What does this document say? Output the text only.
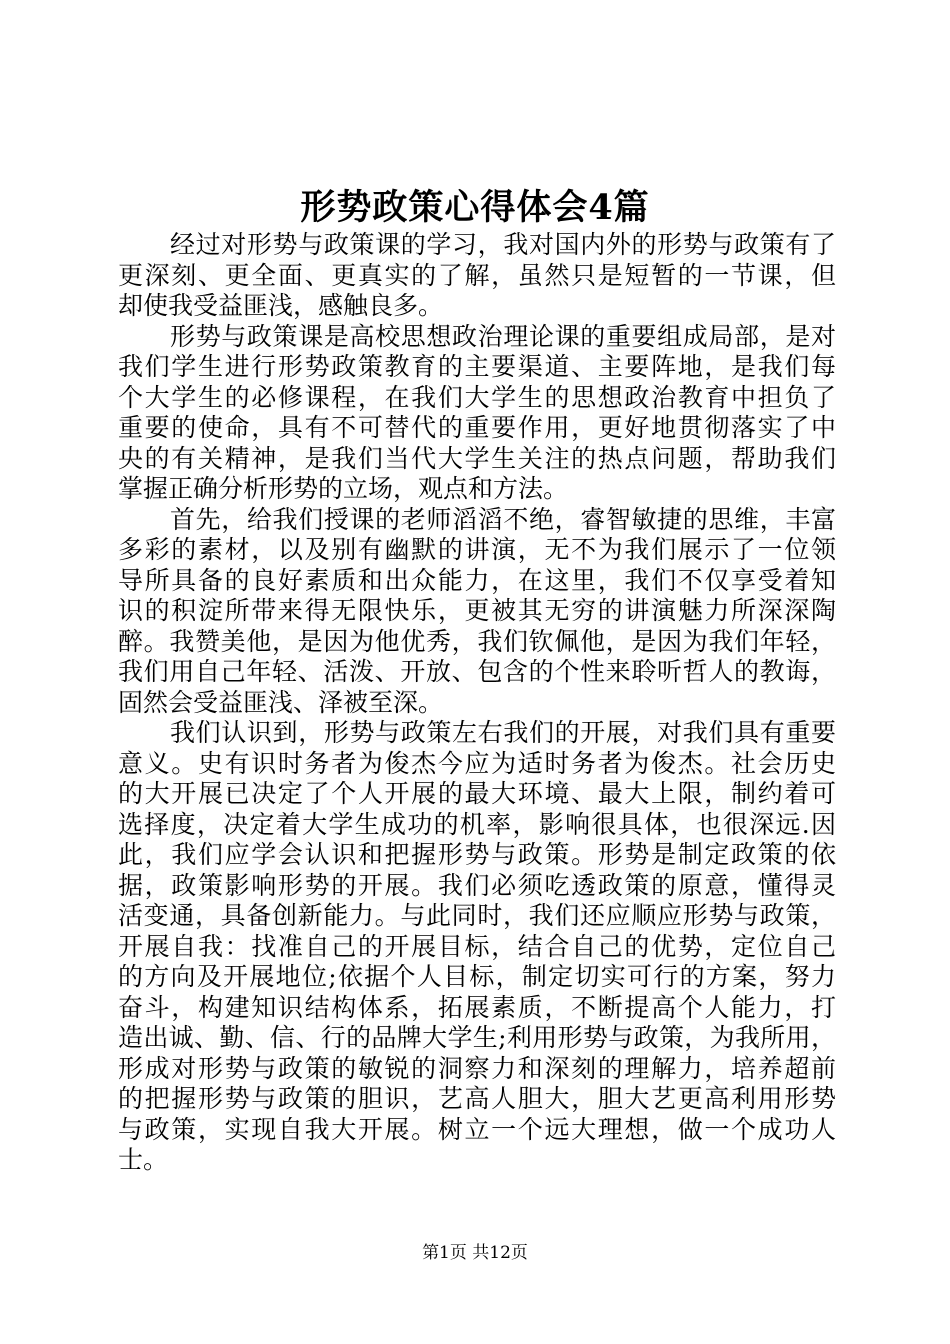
形势政策心得体会4篇
经过对形势与政策课的学习，我对国内外的形势与政策有了
更深刻、更全面、更真实的了解，虽然只是短暂的一节课，但
却使我受益匪浅，感触良多。
形势与政策课是高校思想政治理论课的重要组成局部，是对
我们学生进行形势政策教育的主要渠道、主要阵地，是我们每
个大学生的必修课程，在我们大学生的思想政治教育中担负了
重要的使命，具有不可替代的重要作用，更好地贯彻落实了中
央的有关精神，是我们当代大学生关注的热点问题，帮助我们
掌握正确分析形势的立场，观点和方法。
首先，给我们授课的老师滔滔不绝，睿智敏捷的思维，丰富
多彩的素材，以及别有幽默的讲演，无不为我们展示了一位领
导所具备的良好素质和出众能力，在这里，我们不仅享受着知
识的积淀所带来得无限快乐，更被其无穷的讲演魅力所深深陶
醉。我赞美他，是因为他优秀，我们钦佩他，是因为我们年轻，
我们用自己年轻、活泼、开放、包含的个性来聆听哲人的教诲，
固然会受益匪浅、泽被至深。
我们认识到，形势与政策左右我们的开展，对我们具有重要
意义。史有识时务者为俊杰今应为适时务者为俊杰。社会历史
的大开展已决定了个人开展的最大环境、最大上限，制约着可
选择度，决定着大学生成功的机率，影响很具体，也很深远.因
此，我们应学会认识和把握形势与政策。形势是制定政策的依
据，政策影响形势的开展。我们必须吃透政策的原意，懂得灵
活变通，具备创新能力。与此同时，我们还应顺应形势与政策，
开展自我：找准自己的开展目标，结合自己的优势，定位自己
的方向及开展地位;依据个人目标，制定切实可行的方案，努力
奋斗，构建知识结构体系，拓展素质，不断提高个人能力，打
造出诚、勤、信、行的品牌大学生;利用形势与政策，为我所用，
形成对形势与政策的敏锐的洞察力和深刻的理解力，培养超前
的把握形势与政策的胆识，艺高人胆大，胆大艺更高利用形势
与政策，实现自我大开展。树立一个远大理想，做一个成功人
士。
第1页 共12页
